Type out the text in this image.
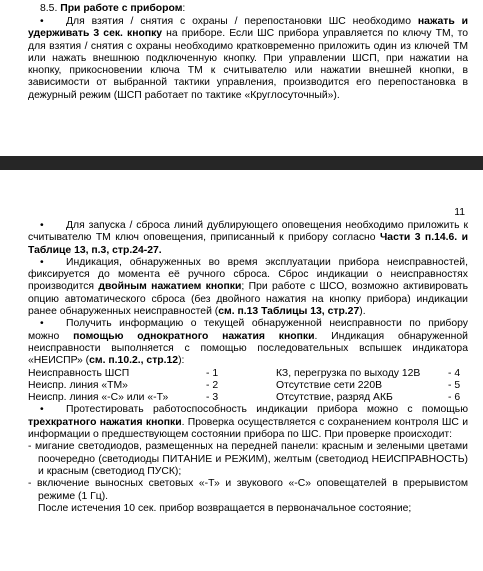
8.5. При работе с прибором:

• Для взятия / снятия с охраны / перепостановки ШС необходимо нажать и удерживать 3 сек. кнопку на приборе. Если ШС прибора управляется по ключу ТМ, то для взятия / снятия с охраны необходимо кратковременно приложить один из ключей ТМ или нажать внешнюю подключенную кнопку. При управлении ШСП, при нажатии на кнопку, прикосновении ключа ТМ к считывателю или нажатии внешней кнопки, в зависимости от выбранной тактики управления, производится его перепостановка в дежурный режим (ШСП работает по тактике «Круглосуточный»).

11

• Для запуска / сброса линий дублирующего оповещения необходимо приложить к считывателю ТМ ключ оповещения, приписанный к прибору согласно Части 3 п.14.6. и Таблице 13, п.3, стр.24-27.

• Индикация, обнаруженных во время эксплуатации прибора неисправностей, фиксируется до момента её ручного сброса. Сброс индикации о неисправностях производится двойным нажатием кнопки; При работе с ШСО, возможно активировать опцию автоматического сброса (без двойного нажатия на кнопку прибора) индикации ранее обнаруженных неисправностей (см. п.13 Таблицы 13, стр.27).

• Получить информацию о текущей обнаруженной неисправности по прибору можно помощью однократного нажатия кнопки. Индикация обнаруженной неисправности выполняется с помощью последовательных вспышек индикатора «НЕИСПР» (см. п.10.2., стр.12):

Неисправность ШСП	- 1	КЗ, перегрузка по выходу 12В	- 4
Неиспр. линия «ТМ»	- 2	Отсутствие сети 220В	- 5
Неиспр. линия «-С» или «-Т»	- 3	Отсутствие, разряд АКБ	- 6

• Протестировать работоспособность индикации прибора можно с помощью трехкратного нажатия кнопки. Проверка осуществляется с сохранением контроля ШС и информации о предшествующем состоянии прибора по ШС. При проверке происходит:

- мигание светодиодов, размещенных на передней панели: красным и зелеными цветами поочередно (светодиоды ПИТАНИЕ и РЕЖИМ), желтым (светодиод НЕИСПРАВНОСТЬ) и красным (светодиод ПУСК);

- включение выносных световых «-Т» и звукового «-С» оповещателей в прерывистом режиме (1 Гц).

После истечения 10 сек. прибор возвращается в первоначальное состояние;
